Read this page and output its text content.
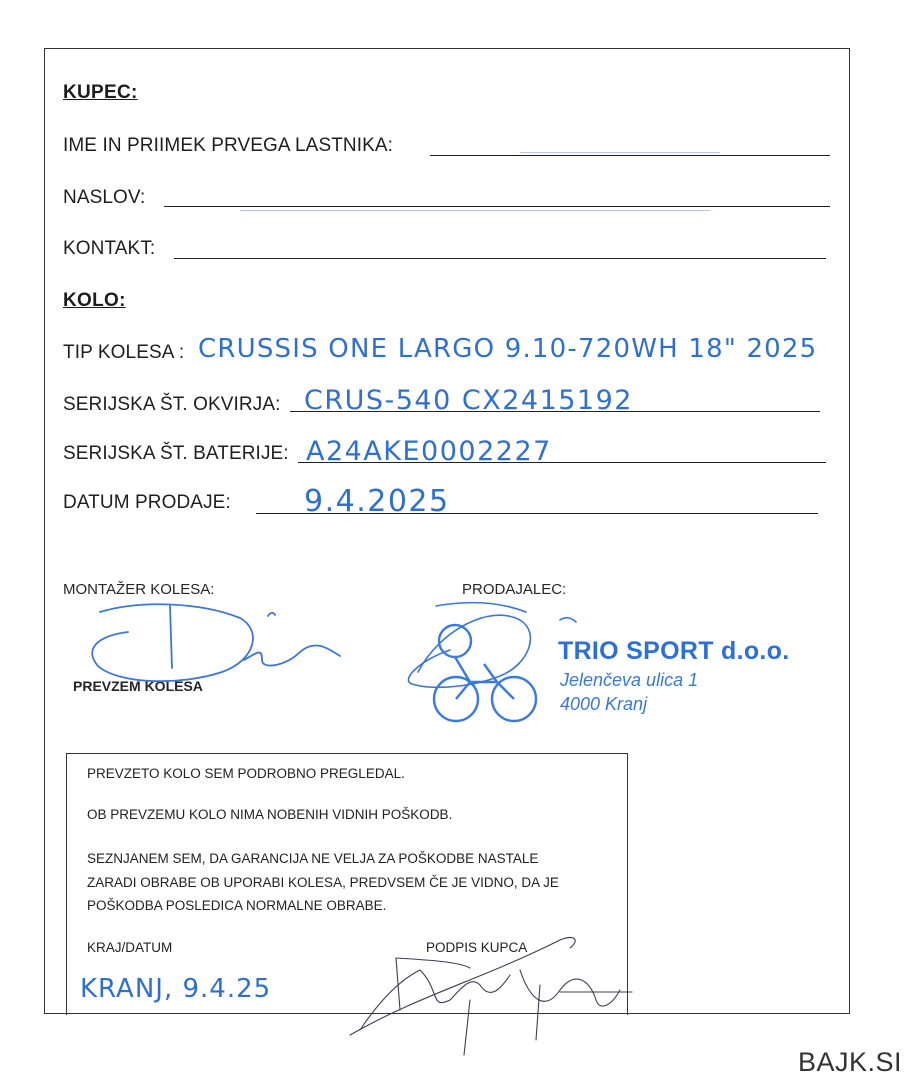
KUPEC:
IME IN PRIIMEK PRVEGA LASTNIKA:
NASLOV:
KONTAKT:
KOLO:
TIP KOLESA : CRUSSIS ONE LARGO 9.10-720WH 18" 2025
SERIJSKA ŠT. OKVIRJA: CRUS-540 CX2415192
SERIJSKA ŠT. BATERIJE: A24AKE0002227
DATUM PRODAJE: 9.4.2025
MONTAŽER KOLESA:
PREVZEM KOLESA
PRODAJALEC:
TRIO SPORT d.o.o.
Jelenčeva ulica 1
4000 Kranj
PREVZETO KOLO SEM PODROBNO PREGLEDAL.
OB PREVZEMU KOLO NIMA NOBENIH VIDNIH POŠKODB.
SEZNJANEM SEM, DA GARANCIJA NE VELJA ZA POŠKODBE NASTALE
ZARADI OBRABE OB UPORABI KOLESA, PREDVSEM ČE JE VIDNO, DA JE
POŠKODBA POSLEDICA NORMALNE OBRABE.
KRAJ/DATUM	PODPIS KUPCA
KRANJ, 9.4.25
BAJK.SI
